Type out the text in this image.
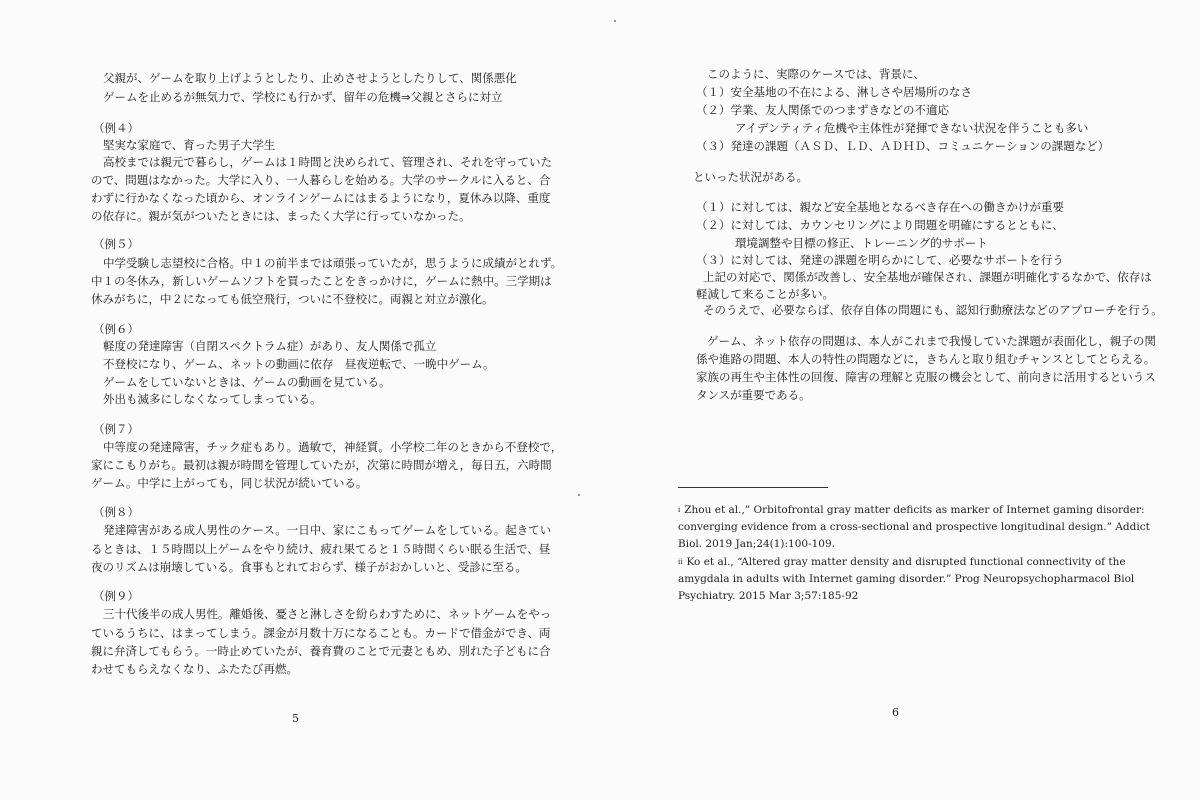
父親が、ゲームを取り上げようとしたり、止めさせようとしたりして、関係悪化
ゲームを止めるが無気力で、学校にも行かず、留年の危機⇒父親とさらに対立
（例４）
堅実な家庭で、育った男子大学生
高校までは親元で暮らし，ゲームは１時間と決められて、管理され、それを守っていた
ので、問題はなかった。大学に入り、一人暮らしを始める。大学のサークルに入ると、合
わずに行かなくなった頃から、オンラインゲームにはまるようになり，夏休み以降、重度
の依存に。親が気がついたときには、まったく大学に行っていなかった。
（例５）
中学受験し志望校に合格。中１の前半までは頑張っていたが，思うように成績がとれず。
中１の冬休み，新しいゲームソフトを買ったことをきっかけに，ゲームに熱中。三学期は
休みがちに，中２になっても低空飛行，ついに不登校に。両親と対立が激化。
（例６）
軽度の発達障害（自閉スペクトラム症）があり、友人関係で孤立
不登校になり、ゲーム、ネットの動画に依存　昼夜逆転で、一晩中ゲーム。
ゲームをしていないときは、ゲームの動画を見ている。
外出も滅多にしなくなってしまっている。
（例７）
中等度の発達障害，チック症もあり。過敏で，神経質。小学校二年のときから不登校で，
家にこもりがち。最初は親が時間を管理していたが，次第に時間が増え，毎日五，六時間
ゲーム。中学に上がっても，同じ状況が続いている。
（例８）
発達障害がある成人男性のケース。一日中、家にこもってゲームをしている。起きてい
るときは、１５時間以上ゲームをやり続け、疲れ果てると１５時間くらい眠る生活で、昼
夜のリズムは崩壊している。食事もとれておらず、様子がおかしいと、受診に至る。
（例９）
三十代後半の成人男性。離婚後、憂さと淋しさを紛らわすために、ネットゲームをやっ
ているうちに、はまってしまう。課金が月数十万になることも。カードで借金ができ、両
親に弁済してもらう。一時止めていたが、養育費のことで元妻ともめ、別れた子どもに合
わせてもらえなくなり、ふたたび再燃。
5
このように、実際のケースでは、背景に、
（１）安全基地の不在による、淋しさや居場所のなさ
（２）学業、友人関係でのつまずきなどの不適応
アイデンティティ危機や主体性が発揮できない状況を伴うことも多い
（３）発達の課題（ＡＳＤ、ＬＤ、ＡＤＨＤ、コミュニケーションの課題など）
といった状況がある。
（１）に対しては、親など安全基地となるべき存在への働きかけが重要
（２）に対しては、カウンセリングにより問題を明確にするとともに、
環境調整や目標の修正、トレーニング的サポート
（３）に対しては、発達の課題を明らかにして、必要なサポートを行う
上記の対応で、関係が改善し、安全基地が確保され、課題が明確化するなかで、依存は
軽減して来ることが多い。
そのうえで、必要ならば、依存自体の問題にも、認知行動療法などのアプローチを行う。
ゲーム、ネット依存の問題は、本人がこれまで我慢していた課題が表面化し，親子の関
係や進路の問題、本人の特性の問題などに，きちんと取り組むチャンスとしてとらえる。
家族の再生や主体性の回復、障害の理解と克服の機会として、前向きに活用するというス
タンスが重要である。
$^i$ Zhou et al.,” Orbitofrontal gray matter deficits as marker of Internet gaming disorder:
converging evidence from a cross-sectional and prospective longitudinal design.” Addict
Biol. 2019 Jan;24(1):100-109.
$^{ii}$ Ko et al., “Altered gray matter density and disrupted functional connectivity of the
amygdala in adults with Internet gaming disorder.” Prog Neuropsychopharmacol Biol
Psychiatry. 2015 Mar 3;57:185-92
6
